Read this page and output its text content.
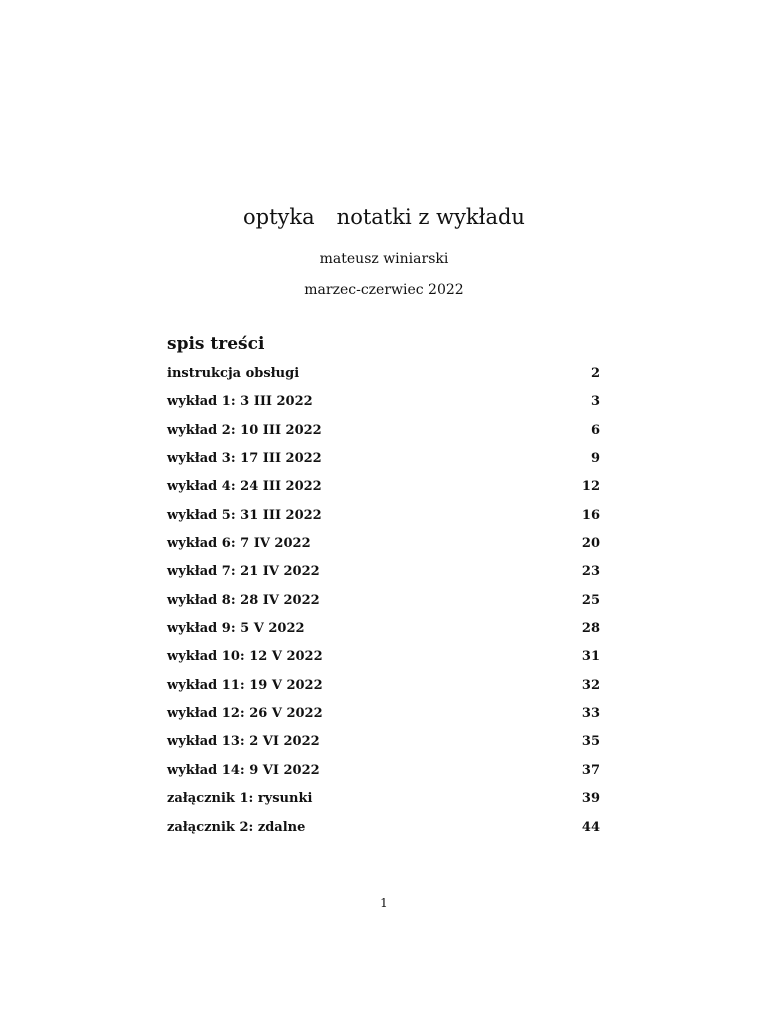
optyka notatki z wykładu
mateusz winiarski
marzec-czerwiec 2022
spis treści
instrukcja obsługi	2
wykład 1: 3 III 2022	3
wykład 2: 10 III 2022	6
wykład 3: 17 III 2022	9
wykład 4: 24 III 2022	12
wykład 5: 31 III 2022	16
wykład 6: 7 IV 2022	20
wykład 7: 21 IV 2022	23
wykład 8: 28 IV 2022	25
wykład 9: 5 V 2022	28
wykład 10: 12 V 2022	31
wykład 11: 19 V 2022	32
wykład 12: 26 V 2022	33
wykład 13: 2 VI 2022	35
wykład 14: 9 VI 2022	37
załącznik 1: rysunki	39
załącznik 2: zdalne	44
1
